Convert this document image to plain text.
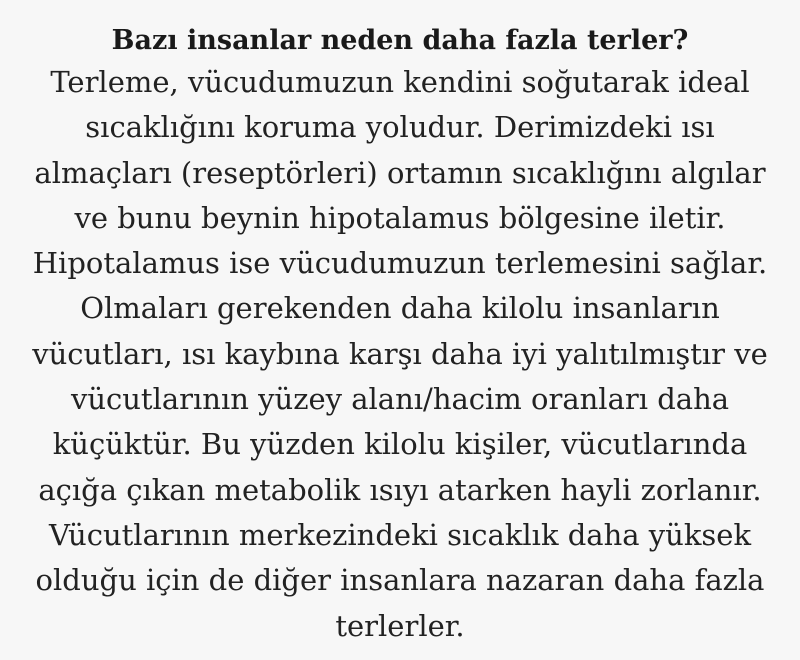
Bazı insanlar neden daha fazla terler?

Terleme, vücudumuzun kendini soğutarak ideal

sıcaklığını koruma yoludur. Derimizdeki ısı

almaçları (reseptörleri) ortamın sıcaklığını algılar

ve bunu beynin hipotalamus bölgesine iletir.

Hipotalamus ise vücudumuzun terlemesini sağlar.

Olmaları gerekenden daha kilolu insanların

vücutları, ısı kaybına karşı daha iyi yalıtılmıştır ve

vücutlarının yüzey alanı/hacim oranları daha

küçüktür. Bu yüzden kilolu kişiler, vücutlarında

açığa çıkan metabolik ısıyı atarken hayli zorlanır.

Vücutlarının merkezindeki sıcaklık daha yüksek

olduğu için de diğer insanlara nazaran daha fazla

terlerler.
